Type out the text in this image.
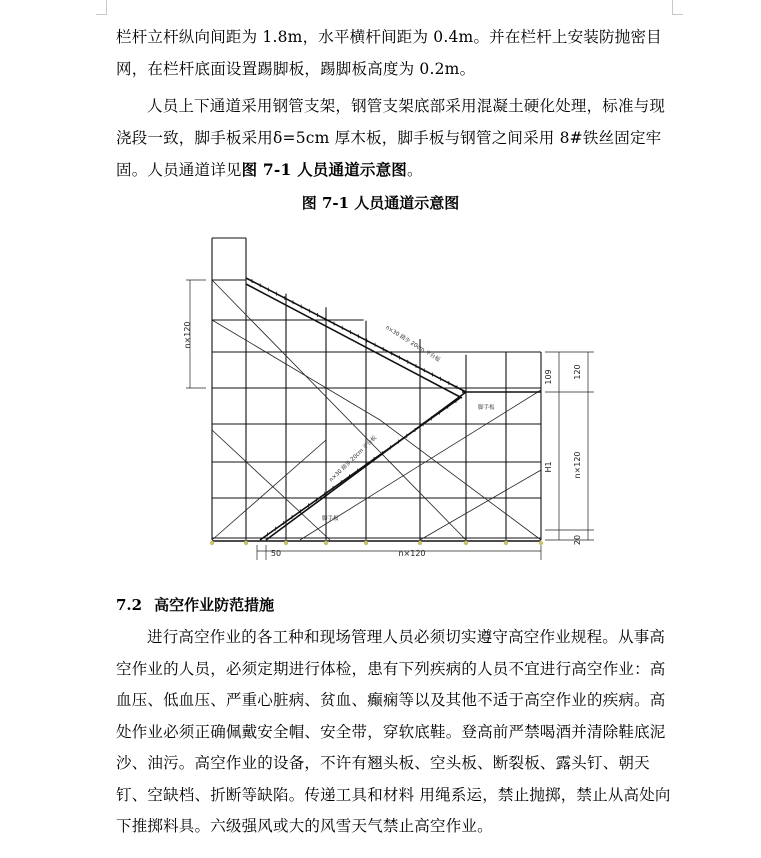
栏杆立杆纵向间距为 1.8m，水平横杆间距为 0.4m。并在栏杆上安装防抛密目网，在栏杆底面设置踢脚板，踢脚板高度为 0.2m。

人员上下通道采用钢管支架，钢管支架底部采用混凝土硬化处理，标准与现浇段一致，脚手板采用δ=5cm 厚木板，脚手板与钢管之间采用 8#铁丝固定牢固。人员通道详见图 7-1 人员通道示意图。

图 7-1 人员通道示意图

n×120
109	120
H1	n×120
20
50	n×120
n×30 踏步 20cm 平台板
n×30 踏步 20cm 平台板
脚手板
脚手板

7.2 高空作业防范措施

进行高空作业的各工种和现场管理人员必须切实遵守高空作业规程。从事高空作业的人员，必须定期进行体检，患有下列疾病的人员不宜进行高空作业：高血压、低血压、严重心脏病、贫血、癫痫等以及其他不适于高空作业的疾病。高处作业必须正确佩戴安全帽、安全带，穿软底鞋。登高前严禁喝酒并清除鞋底泥沙、油污。高空作业的设备，不许有翘头板、空头板、断裂板、露头钉、朝天钉、空缺档、折断等缺陷。传递工具和材料 用绳系运，禁止抛掷，禁止从高处向下推掷料具。六级强风或大的风雪天气禁止高空作业。
